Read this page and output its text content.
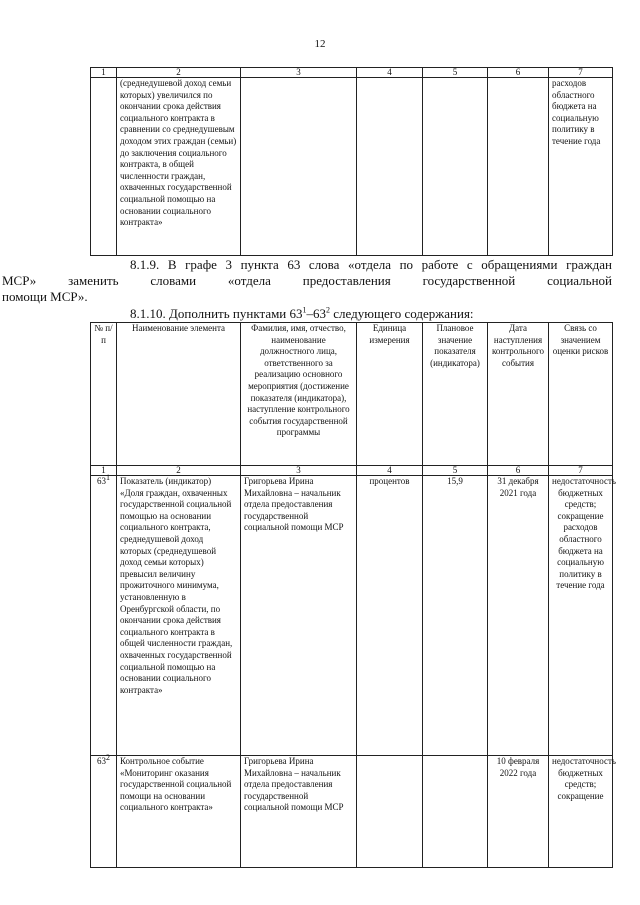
12
1	2	3	4	5	6	7
	(среднедушевой доход семьи которых) увеличился по окончании срока действия социального контракта в сравнении со среднедушевым доходом этих граждан (семьи) до заключения социального контракта, в общей численности граждан, охваченных государственной социальной помощью на основании социального контракта»					расходов областного бюджета на социальную политику в течение года
8.1.9. В графе 3 пункта 63 слова «отдела по работе с обращениями граждан
МСР» заменить словами «отдела предоставления государственной социальной
помощи МСР».
8.1.10. Дополнить пунктами $63^1-63^2$ следующего содержания:
№ п/п	Наименование элемента	Фамилия, имя, отчество, наименование должностного лица, ответственного за реализацию основного мероприятия (достижение показателя (индикатора), наступление контрольного события государственной программы	Единица измерения	Плановое значение показателя (индикатора)	Дата наступления контрольного события	Связь со значением оценки рисков
1	2	3	4	5	6	7
$63^1$	Показатель (индикатор) «Доля граждан, охваченных государственной социальной помощью на основании социального контракта, среднедушевой доход которых (среднедушевой доход семьи которых) превысил величину прожиточного минимума, установленную в Оренбургской области, по окончании срока действия социального контракта в общей численности граждан, охваченных государственной социальной помощью на основании социального контракта»	Григорьева Ирина Михайловна – начальник отдела предоставления государственной социальной помощи МСР	процентов	15,9	31 декабря 2021 года	недостаточность бюджетных средств; сокращение расходов областного бюджета на социальную политику в течение года
$63^2$	Контрольное событие «Мониторинг оказания государственной социальной помощи на основании социального контракта»	Григорьева Ирина Михайловна – начальник отдела предоставления государственной социальной помощи МСР			10 февраля 2022 года	недостаточность бюджетных средств; сокращение
